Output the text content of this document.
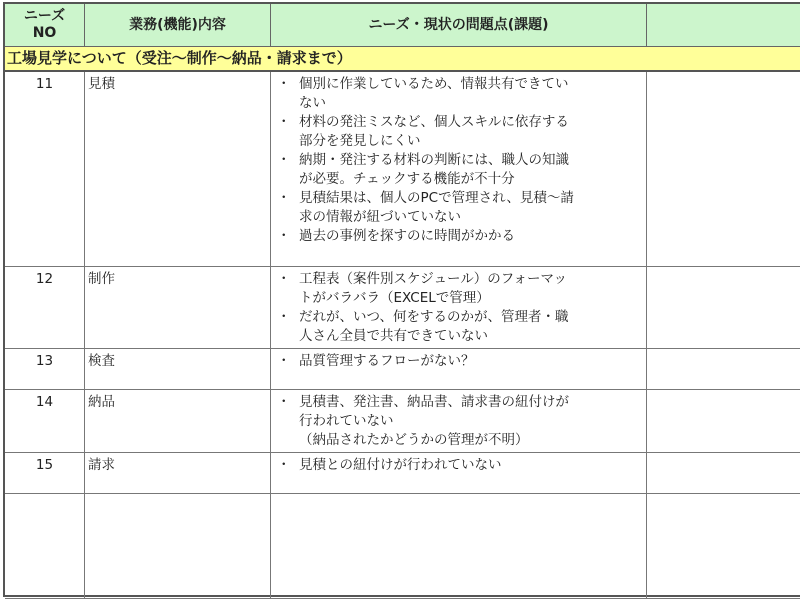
ニーズ
NO
業務(機能)内容	ニーズ・現状の問題点(課題)
工場見学について（受注～制作～納品・請求まで）
11	見積	・ 個別に作業しているため、情報共有できてい
ない
・ 材料の発注ミスなど、個人スキルに依存する
部分を発見しにくい
・ 納期・発注する材料の判断には、職人の知識
が必要。チェックする機能が不十分
・ 見積結果は、個人のPCで管理され、見積～請
求の情報が紐づいていない
・ 過去の事例を探すのに時間がかかる
12	制作	・ 工程表（案件別スケジュール）のフォーマッ
トがバラバラ（EXCELで管理）
・ だれが、いつ、何をするのかが、管理者・職
人さん全員で共有できていない
13	検査	・ 品質管理するフローがない？
14	納品	・ 見積書、発注書、納品書、請求書の紐付けが
行われていない
（納品されたかどうかの管理が不明）
15	請求	・ 見積との紐付けが行われていない
